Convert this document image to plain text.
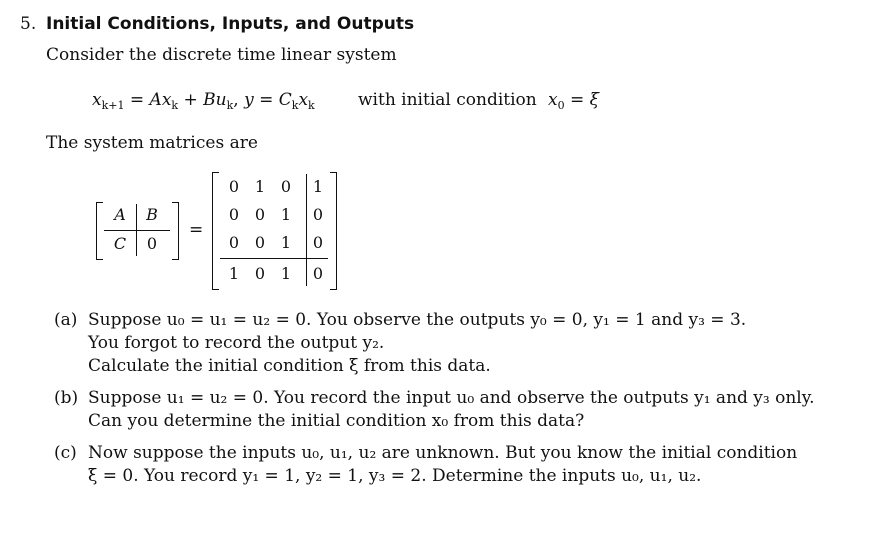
5. Initial Conditions, Inputs, and Outputs
Consider the discrete time linear system
$x_{k+1} = Ax_k + Bu_k$, $y = C_kx_k$	with initial condition $x_0 = \xi$
The system matrices are
A B
C	0
=
0 1 0	1
0 0 1	0
0 0 1	0
1 0 1	0
(a) Suppose u₀ = u₁ = u₂ = 0. You observe the outputs y₀ = 0, y₁ = 1 and y₃ = 3.
You forgot to record the output y₂.
Calculate the initial condition ξ from this data.
(b) Suppose u₁ = u₂ = 0. You record the input u₀ and observe the outputs y₁ and y₃ only.
Can you determine the initial condition x₀ from this data?
(c) Now suppose the inputs u₀, u₁, u₂ are unknown. But you know the initial condition
ξ = 0. You record y₁ = 1, y₂ = 1, y₃ = 2. Determine the inputs u₀, u₁, u₂.
